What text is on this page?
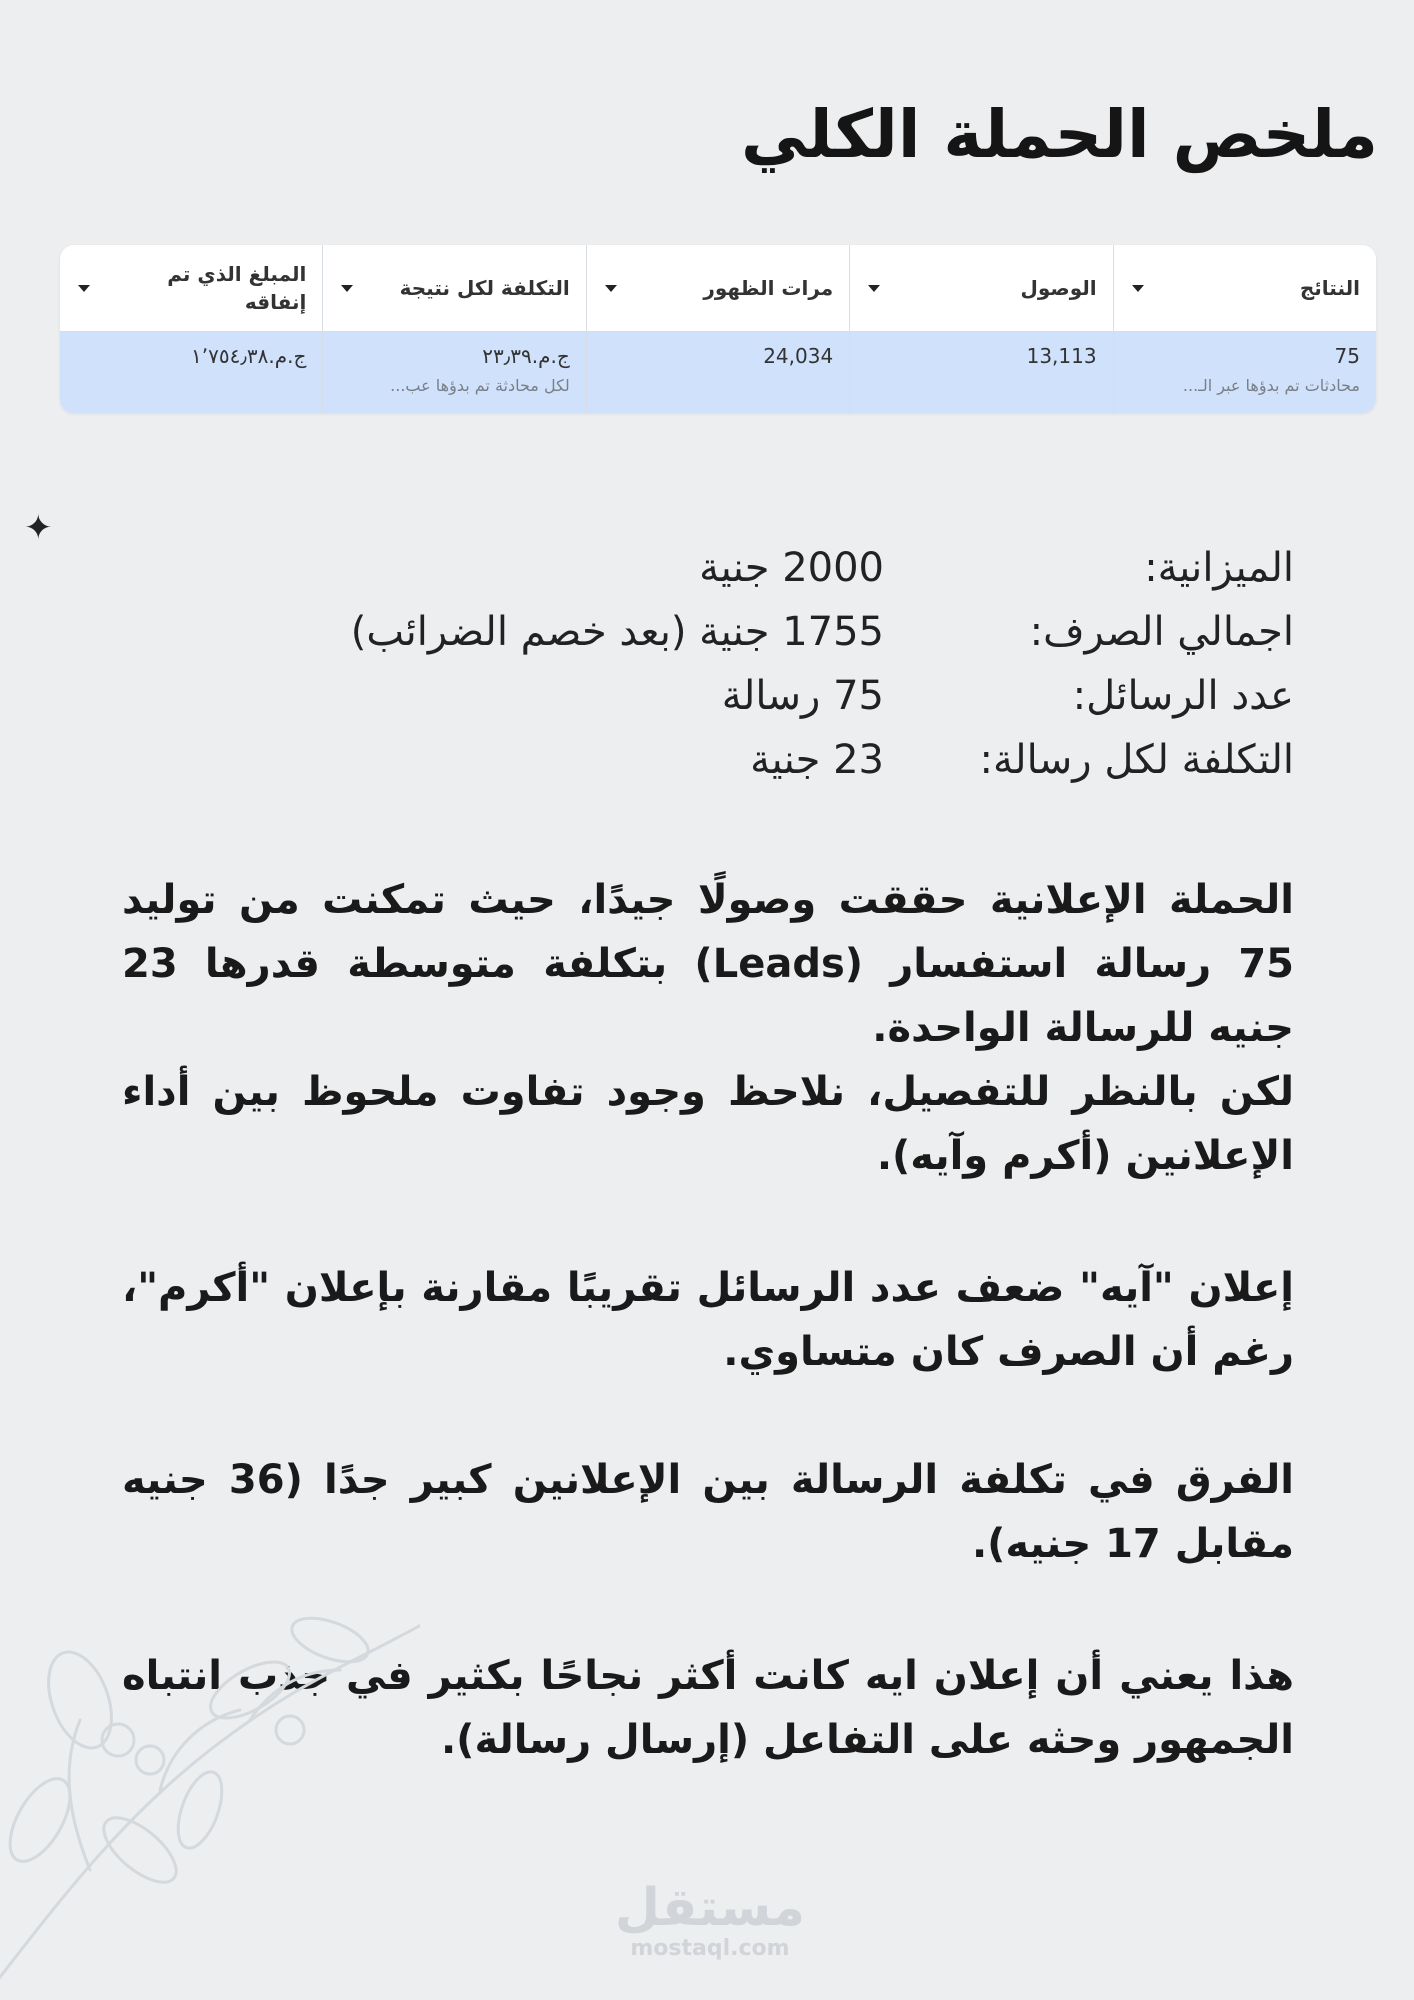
ملخص الحملة الكلي
النتائج
الوصول
مرات الظهور
التكلفة لكل نتيجة
المبلغ الذي تم إنفاقه
75
محادثات تم بدؤها عبر الـ...
13,113
24,034
ج.م.‏٢٣٫٣٩
لكل محادثة تم بدؤها عب...
ج.م.‏١٬٧٥٤٫٣٨
✦
الميزانية:
2000 جنية
اجمالي الصرف:
1755 جنية (بعد خصم الضرائب)
عدد الرسائل:
75 رسالة
التكلفة لكل رسالة:
23 جنية

الحملة الإعلانية حققت وصولًا جيدًا، حيث تمكنت من توليد 75 رسالة استفسار (Leads) بتكلفة متوسطة قدرها 23 جنيه للرسالة الواحدة.

لكن بالنظر للتفصيل، نلاحظ وجود تفاوت ملحوظ بين أداء الإعلانين (أكرم وآيه).

إعلان "آيه" ضعف عدد الرسائل تقريبًا مقارنة بإعلان "أكرم"، رغم أن الصرف كان متساوي.

الفرق في تكلفة الرسالة بين الإعلانين كبير جدًا (36 جنيه مقابل 17 جنيه).

هذا يعني أن إعلان ايه كانت أكثر نجاحًا بكثير في جذب انتباه الجمهور وحثه على التفاعل (إرسال رسالة).

مستقل
mostaql.com
